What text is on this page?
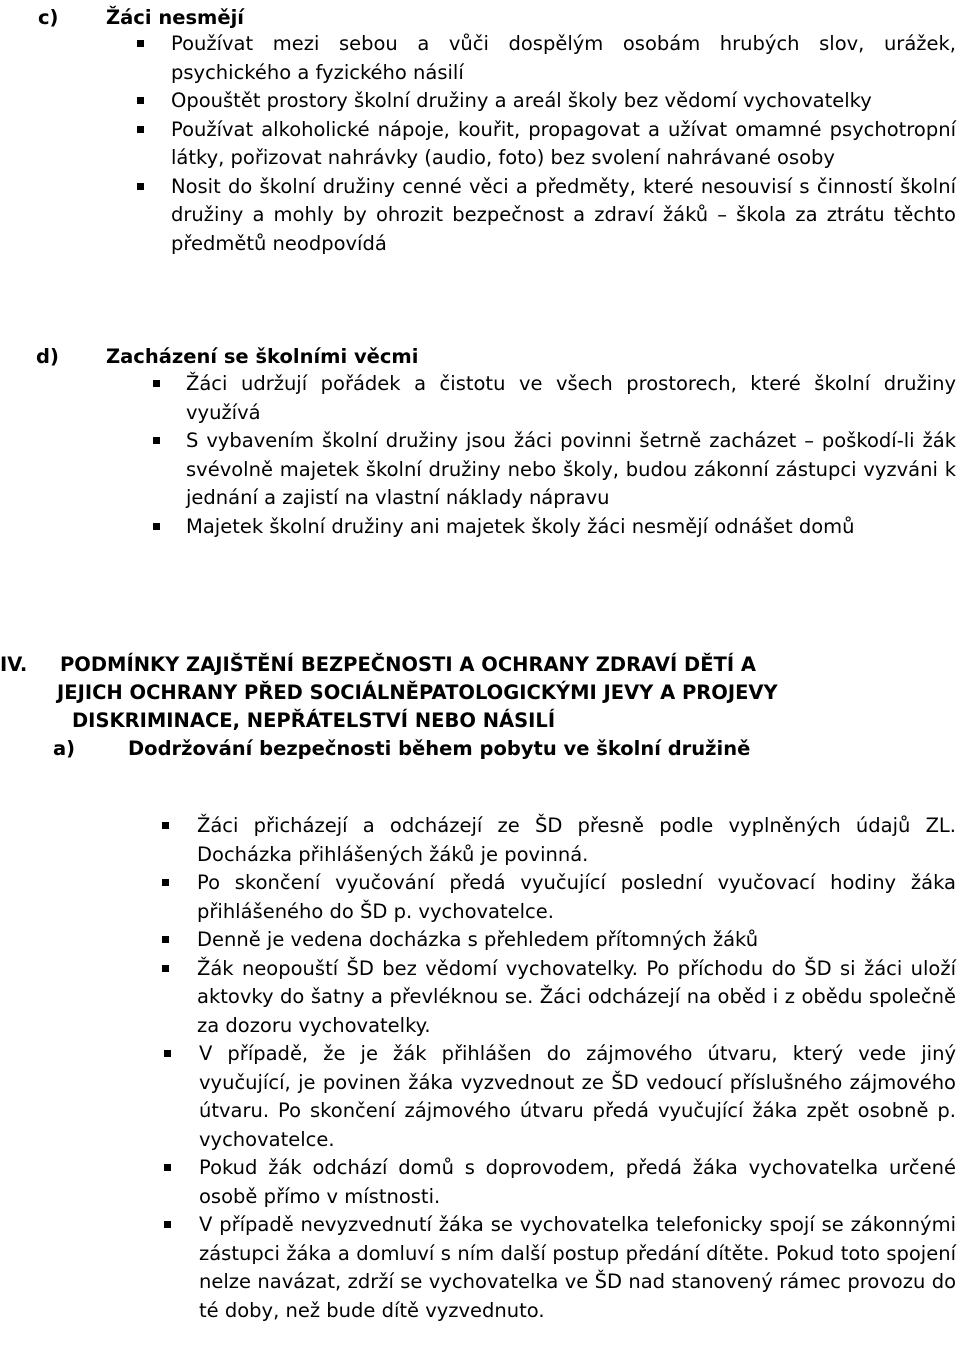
c) Žáci nesmějí
Používat mezi sebou a vůči dospělým osobám hrubých slov, urážek, psychického a fyzického násilí
Opouštět prostory školní družiny a areál školy bez vědomí vychovatelky
Používat alkoholické nápoje, kouřit, propagovat a užívat omamné psychotropní látky, pořizovat nahrávky (audio, foto) bez svolení nahrávané osoby
Nosit do školní družiny cenné věci a předměty, které nesouvisí s činností školní družiny a mohly by ohrozit bezpečnost a zdraví žáků – škola za ztrátu těchto předmětů neodpovídá
d) Zacházení se školními věcmi
Žáci udržují pořádek a čistotu ve všech prostorech, které školní družiny využívá
S vybavením školní družiny jsou žáci povinni šetrně zacházet – poškodí-li žák svévolně majetek školní družiny nebo školy, budou zákonní zástupci vyzváni k jednání a zajistí na vlastní náklady nápravu
Majetek školní družiny ani majetek školy žáci nesmějí odnášet domů
IV. PODMÍNKY ZAJIŠTĚNÍ BEZPEČNOSTI A OCHRANY ZDRAVÍ DĚTÍ A
JEJICH OCHRANY PŘED SOCIÁLNĚPATOLOGICKÝMI JEVY A PROJEVY
DISKRIMINACE, NEPŘÁTELSTVÍ NEBO NÁSILÍ
a)	Dodržování bezpečnosti během pobytu ve školní družině
Žáci přicházejí a odcházejí ze ŠD přesně podle vyplněných údajů ZL. Docházka přihlášených žáků je povinná.
Po skončení vyučování předá vyučující poslední vyučovací hodiny žáka přihlášeného do ŠD p. vychovatelce.
Denně je vedena docházka s přehledem přítomných žáků
Žák neopouští ŠD bez vědomí vychovatelky. Po příchodu do ŠD si žáci uloží aktovky do šatny a převléknou se. Žáci odcházejí na oběd i z obědu společně za dozoru vychovatelky.
V případě, že je žák přihlášen do zájmového útvaru, který vede jiný vyučující, je povinen žáka vyzvednout ze ŠD vedoucí příslušného zájmového útvaru. Po skončení zájmového útvaru předá vyučující žáka zpět osobně p. vychovatelce.
Pokud žák odchází domů s doprovodem, předá žáka vychovatelka určené osobě přímo v místnosti.
V případě nevyzvednutí žáka se vychovatelka telefonicky spojí se zákonnými zástupci žáka a domluví s ním další postup předání dítěte. Pokud toto spojení nelze navázat, zdrží se vychovatelka ve ŠD nad stanovený rámec provozu do té doby, než bude dítě vyzvednuto.
